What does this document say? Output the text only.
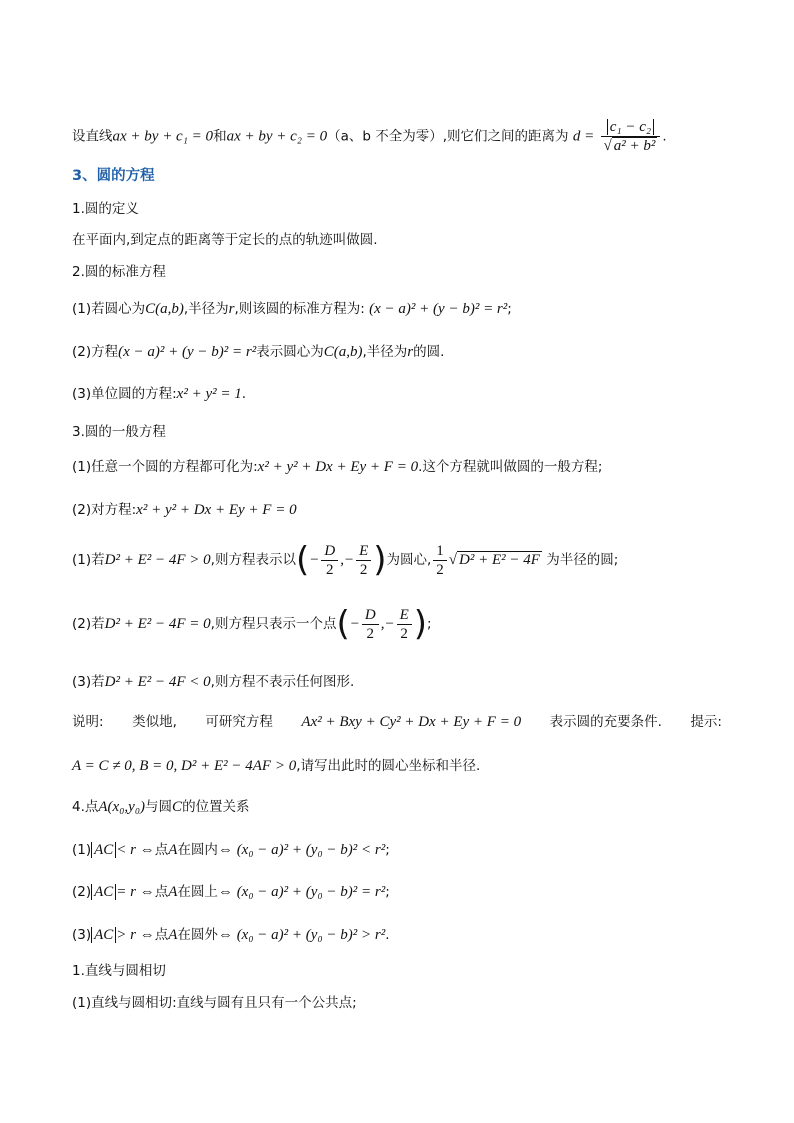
设直线ax + by + c₁ = 0和ax + by + c₂ = 0（a、b 不全为零）,则它们之间的距离为 $d = \frac{\text{c₁ − c₂}}{\text{√ a² + b²}}$ .
3、圆的方程
1.圆的定义
在平面内,到定点的距离等于定长的点的轨迹叫做圆.
2.圆的标准方程
(1)若圆心为C(a,b),半径为r,则该圆的标准方程为: (x − a)² + (y − b)² = r²;
(2)方程(x − a)² + (y − b)² = r²表示圆心为C(a,b),半径为r的圆.
(3)单位圆的方程:x² + y² = 1.
3.圆的一般方程
(1)任意一个圆的方程都可化为:x² + y² + Dx + Ey + F = 0.这个方程就叫做圆的一般方程;
(2)对方程:x² + y² + Dx + Ey + F = 0
(1)若D² + E² − 4F > 0,则方程表示以(− $\frac{D}{2}$ ,− $\frac{E}{2}$ )为圆心, $\frac{1}{2}$ √ D² + E² − 4F 为半径的圆;
(2)若D² + E² − 4F = 0,则方程只表示一个点(− $\frac{D}{2}$ ,− $\frac{E}{2}$ );
(3)若D² + E² − 4F < 0,则方程不表示任何图形.
说明: 类似地, 可研究方程 Ax² + Bxy + Cy² + Dx + Ey + F = 0 表示圆的充要条件. 提示:
A = C ≠ 0, B = 0, D² + E² − 4AF > 0,请写出此时的圆心坐标和半径.
4.点A(x₀,y₀)与圆C的位置关系
(1) AC < r ⇔点A在圆内⇔ (x₀ − a)² + (y₀ − b)² < r²;
(2) AC = r ⇔点A在圆上⇔ (x₀ − a)² + (y₀ − b)² = r²;
(3) AC > r ⇔点A在圆外⇔ (x₀ − a)² + (y₀ − b)² > r².
1.直线与圆相切
(1)直线与圆相切:直线与圆有且只有一个公共点;
